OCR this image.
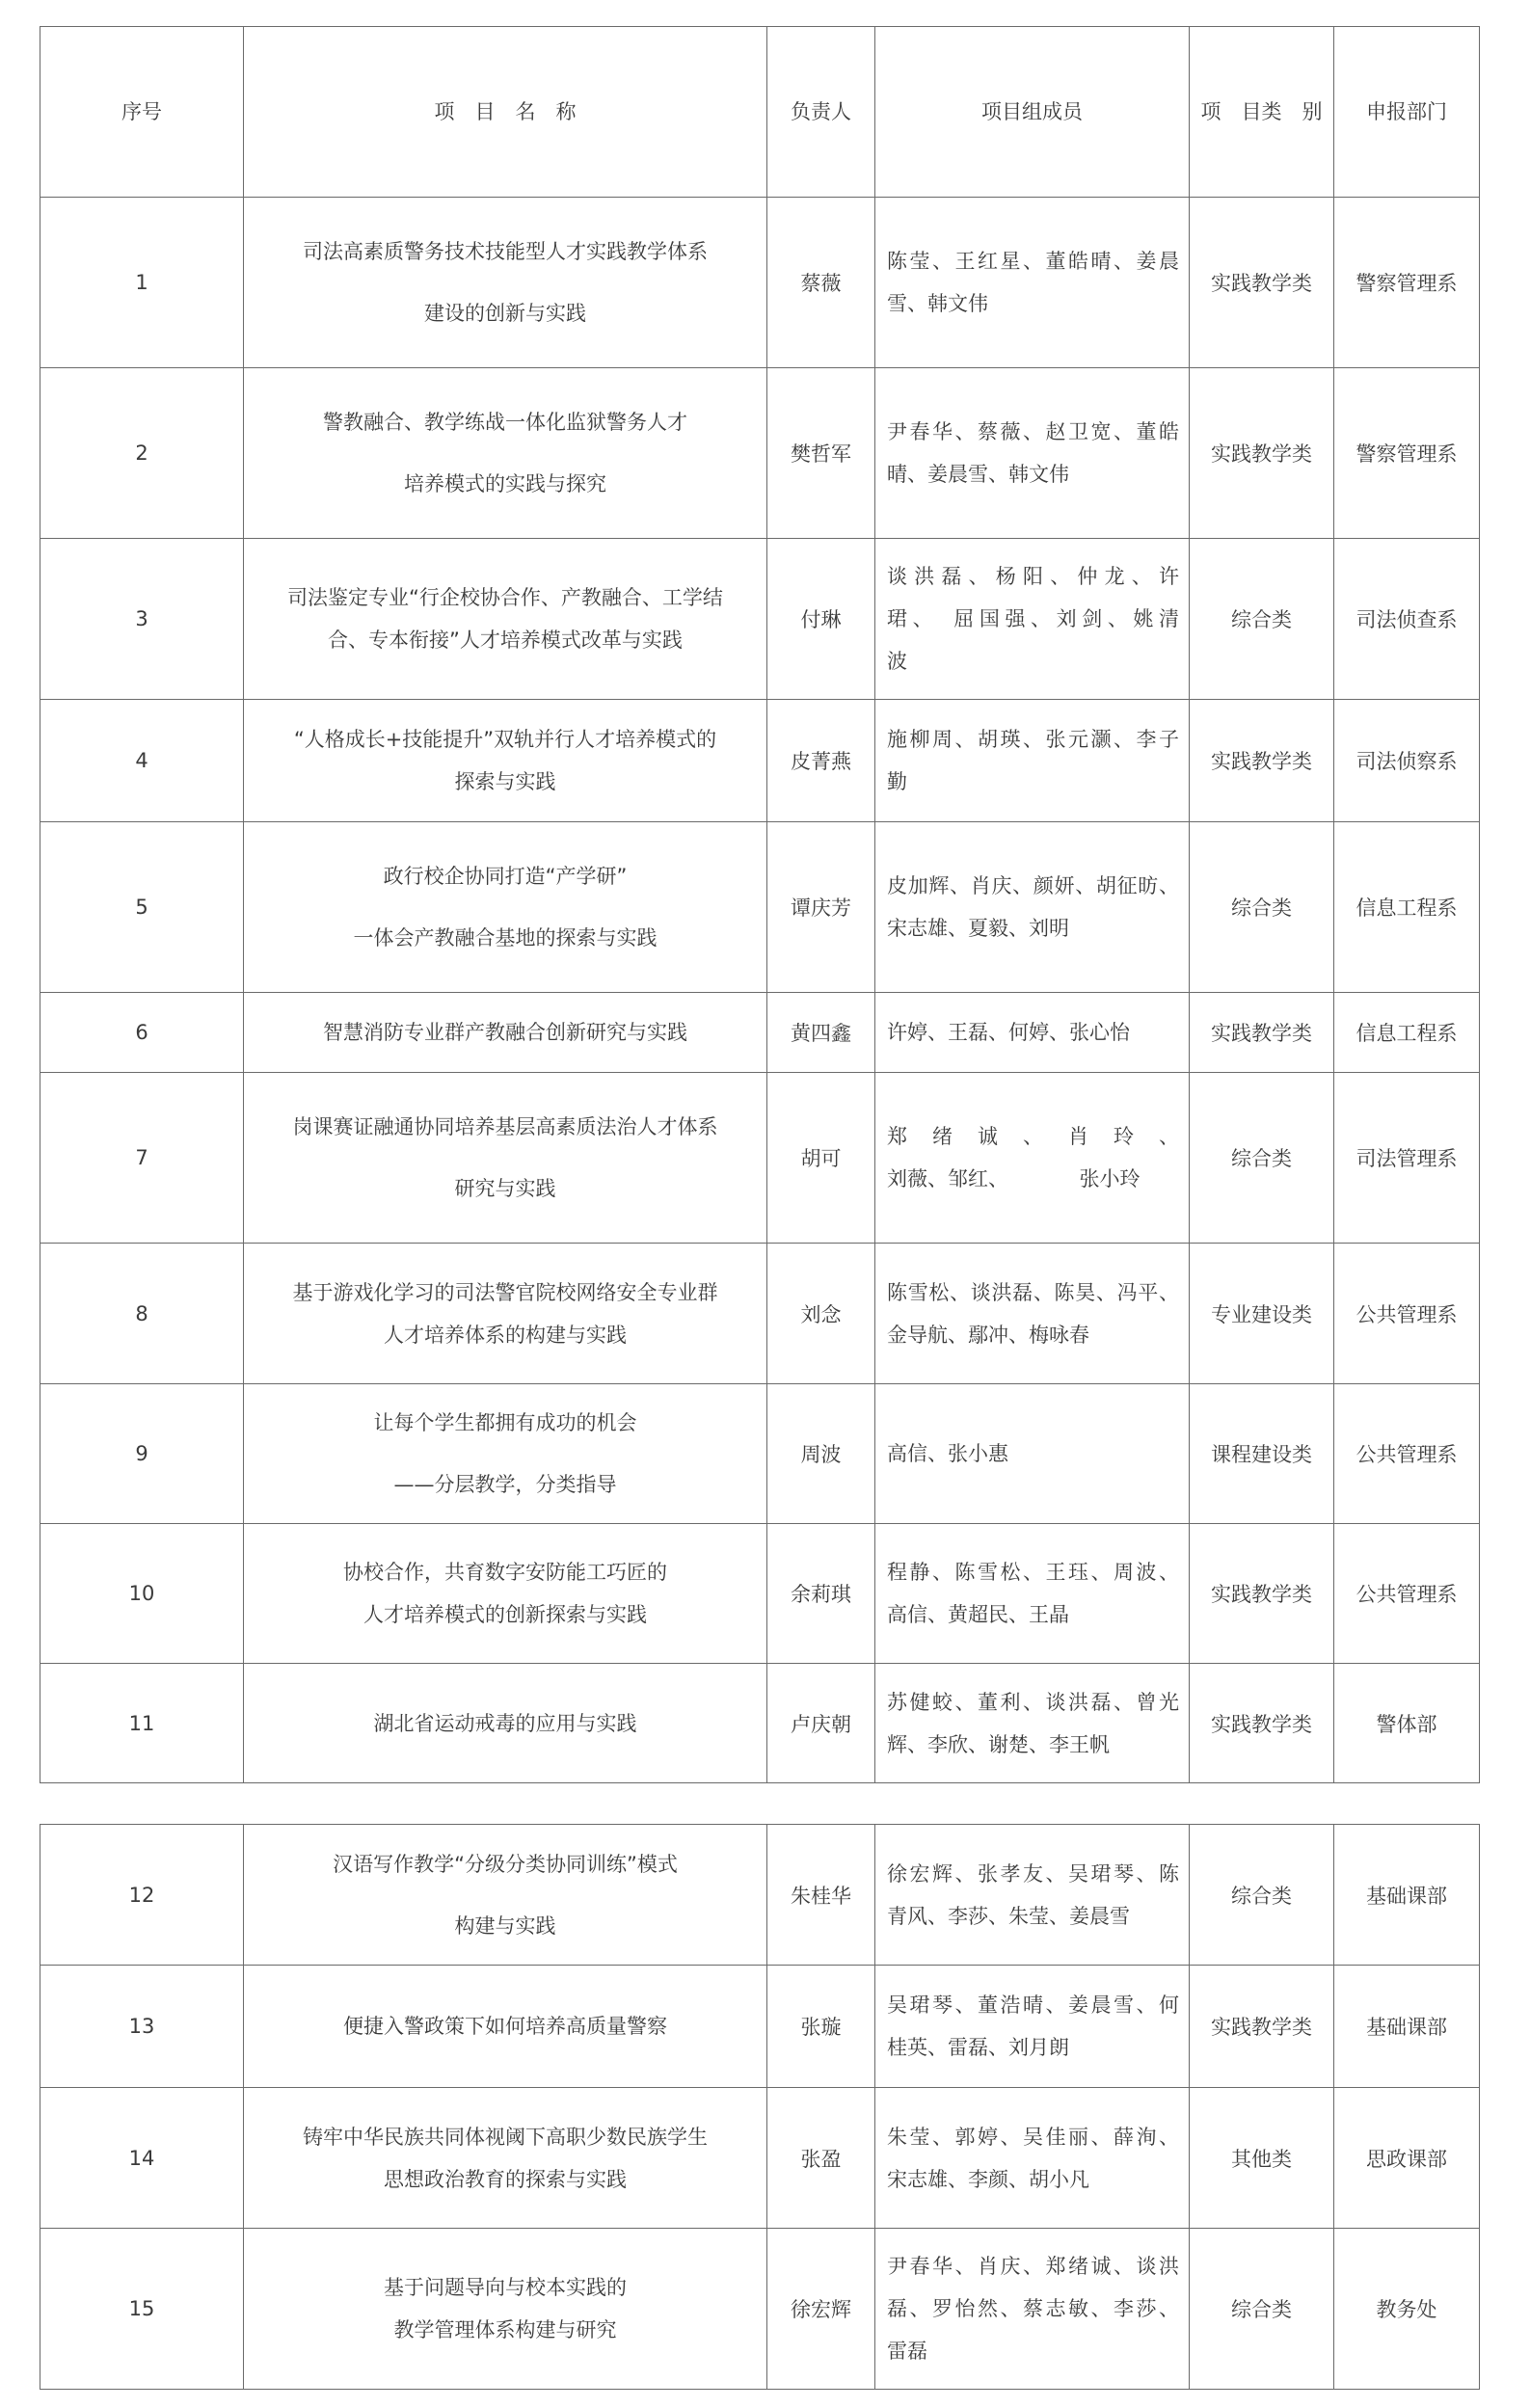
序号	项　目　名　称	负责人	项目组成员	项　目类　别	申报部门

1	司法高素质警务技术技能型人才实践教学体系
建设的创新与实践	蔡薇	陈莹、王红星、董皓晴、姜晨
雪、韩文伟	实践教学类	警察管理系

2	警教融合、教学练战一体化监狱警务人才
培养模式的实践与探究	樊哲军	尹春华、蔡薇、赵卫宽、董皓
晴、姜晨雪、韩文伟	实践教学类	警察管理系

3	司法鉴定专业“行企校协合作、产教融合、工学结
合、专本衔接”人才培养模式改革与实践	付琳	谈洪磊、杨阳、仲龙、许
珺、　屈国强、刘剑、姚清
波	综合类	司法侦查系

4	“人格成长+技能提升”双轨并行人才培养模式的
探索与实践	皮菁燕	施柳周、胡瑛、张元灏、李子
勤	实践教学类	司法侦察系

5	政行校企协同打造“产学研”
一体会产教融合基地的探索与实践	谭庆芳	皮加辉、肖庆、颜妍、胡征昉、
宋志雄、夏毅、刘明	综合类	信息工程系

6	智慧消防专业群产教融合创新研究与实践	黄四鑫	许婷、王磊、何婷、张心怡	实践教学类	信息工程系

7	岗课赛证融通协同培养基层高素质法治人才体系
研究与实践	胡可	郑绪诚、肖玲、
刘薇、邹红、　　　　张小玲	综合类	司法管理系

8	基于游戏化学习的司法警官院校网络安全专业群
人才培养体系的构建与实践	刘念	陈雪松、谈洪磊、陈昊、冯平、
金导航、鄢冲、梅咏春	专业建设类	公共管理系

9	让每个学生都拥有成功的机会
——分层教学，分类指导	周波	高信、张小惠	课程建设类	公共管理系

10	协校合作，共育数字安防能工巧匠的
人才培养模式的创新探索与实践	余莉琪	程静、陈雪松、王珏、周波、
高信、黄超民、王晶	实践教学类	公共管理系

11	湖北省运动戒毒的应用与实践	卢庆朝	苏健蛟、董利、谈洪磊、曾光
辉、李欣、谢楚、李王帆	实践教学类	警体部
12	汉语写作教学“分级分类协同训练”模式
构建与实践	朱桂华	徐宏辉、张孝友、吴珺琴、陈
青风、李莎、朱莹、姜晨雪	综合类	基础课部

13	便捷入警政策下如何培养高质量警察	张璇	吴珺琴、董浩晴、姜晨雪、何
桂英、雷磊、刘月朗	实践教学类	基础课部

14	铸牢中华民族共同体视阈下高职少数民族学生
思想政治教育的探索与实践	张盈	朱莹、郭婷、吴佳丽、薛洵、
宋志雄、李颜、胡小凡	其他类	思政课部

15	基于问题导向与校本实践的
教学管理体系构建与研究	徐宏辉	尹春华、肖庆、郑绪诚、谈洪
磊、罗怡然、蔡志敏、李莎、
雷磊	综合类	教务处
